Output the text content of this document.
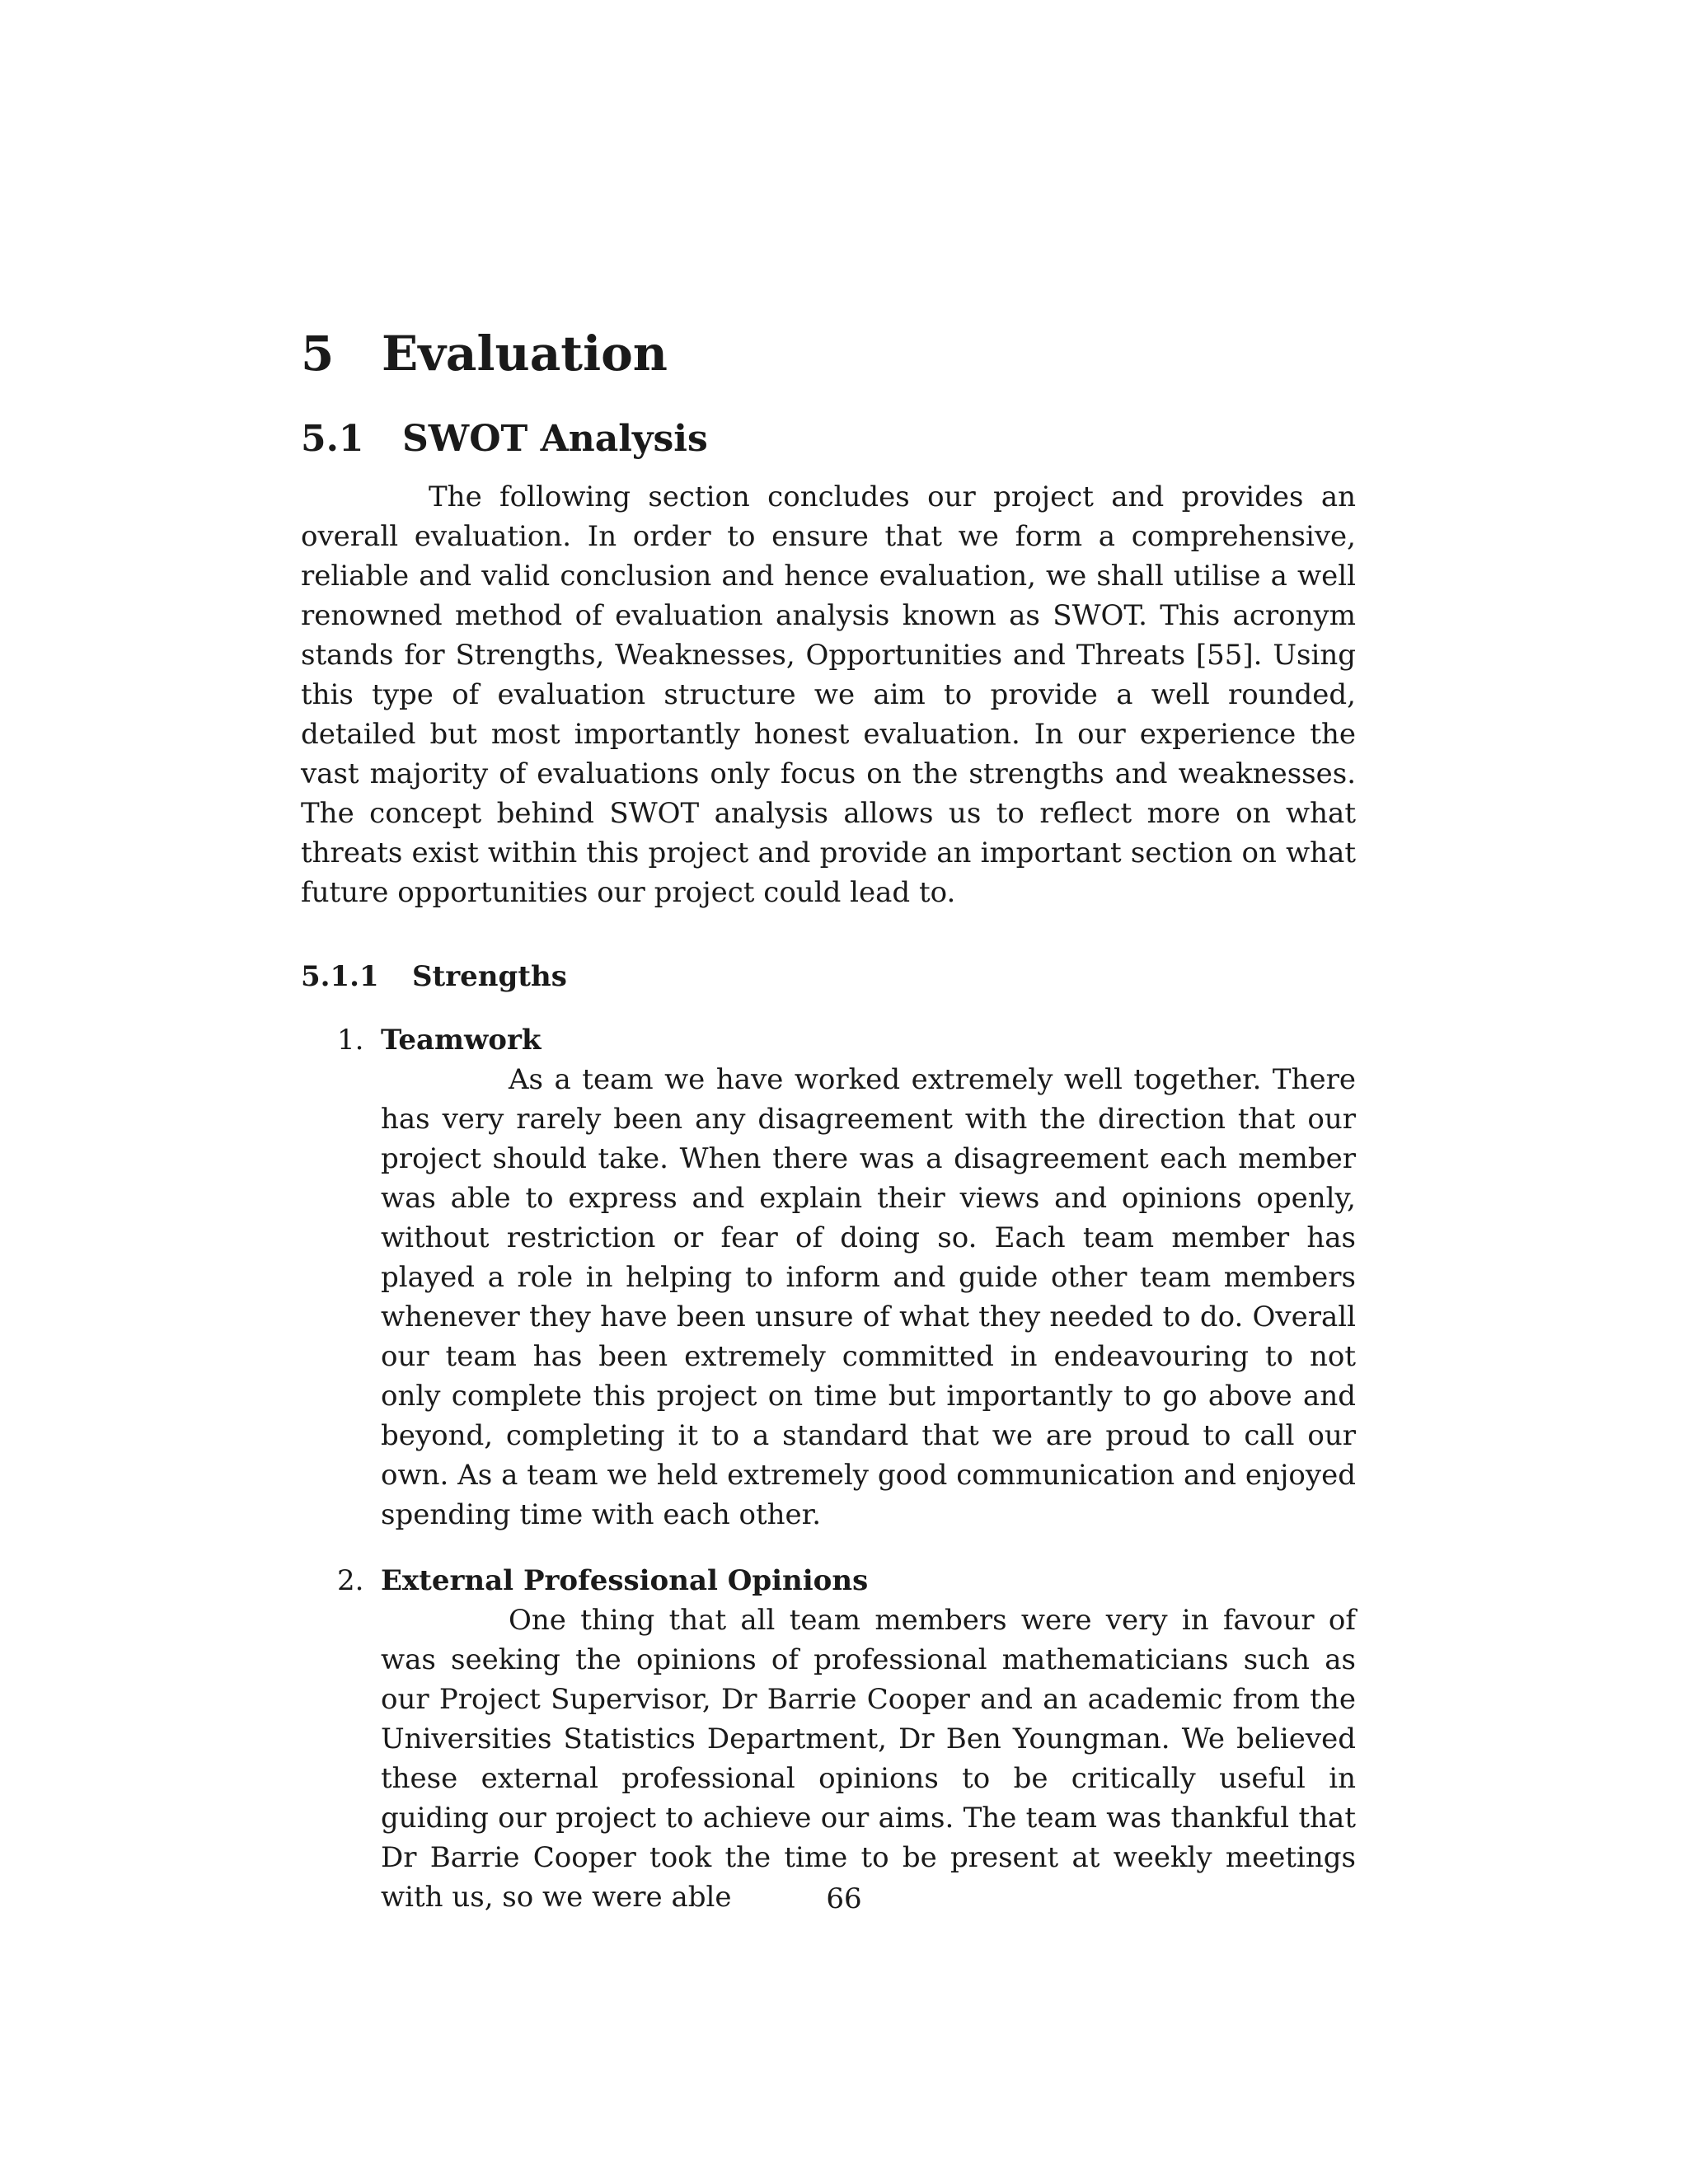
5 Evaluation
5.1	SWOT Analysis

The following section concludes our project and provides an overall evaluation. In order to ensure that we form a comprehensive, reliable and valid conclusion and hence evaluation, we shall utilise a well renowned method of evaluation analysis known as SWOT. This acronym stands for Strengths, Weaknesses, Opportunities and Threats [55]. Using this type of evaluation structure we aim to provide a well rounded, detailed but most importantly honest evaluation. In our experience the vast majority of evaluations only focus on the strengths and weaknesses. The concept behind SWOT analysis allows us to reflect more on what threats exist within this project and provide an important section on what future opportunities our project could lead to.

5.1.1	Strengths
1. Teamwork

As a team we have worked extremely well together. There has very rarely been any disagreement with the direction that our project should take. When there was a disagreement each member was able to express and explain their views and opinions openly, without restriction or fear of doing so. Each team member has played a role in helping to inform and guide other team members whenever they have been unsure of what they needed to do. Overall our team has been extremely committed in endeavouring to not only complete this project on time but importantly to go above and beyond, completing it to a standard that we are proud to call our own. As a team we held extremely good communication and enjoyed spending time with each other.

2. External Professional Opinions

One thing that all team members were very in favour of was seeking the opinions of professional mathematicians such as our Project Supervisor, Dr Barrie Cooper and an academic from the Universities Statistics Department, Dr Ben Youngman. We believed these external professional opinions to be critically useful in guiding our project to achieve our aims. The team was thankful that Dr Barrie Cooper took the time to be present at weekly meetings with us, so we were able	66
